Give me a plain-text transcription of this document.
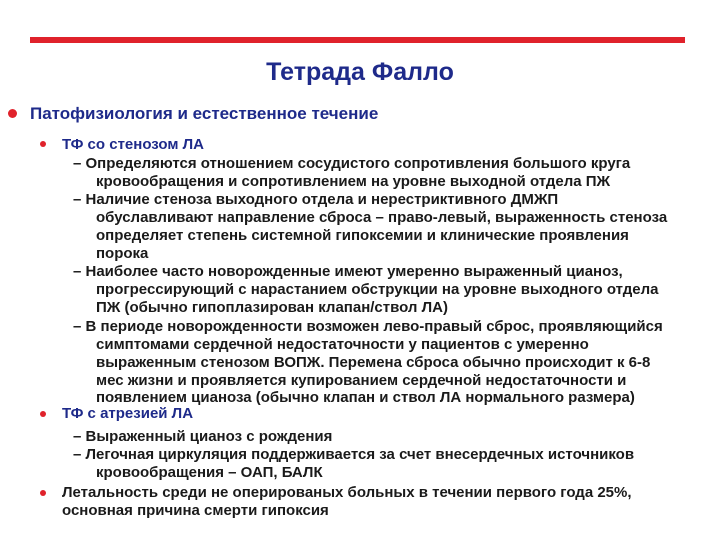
Тетрада Фалло
Патофизиология и естественное течение
ТФ со стенозом ЛА
– Определяются отношением сосудистого сопротивления большого круга
кровообращения и сопротивлением на уровне выходной отдела ПЖ
– Наличие стеноза выходного отдела и нерестриктивного ДМЖП
обуславливают направление сброса – право-левый, выраженность стеноза
определяет степень системной гипоксемии и клинические проявления
порока
– Наиболее часто новорожденные имеют умеренно выраженный цианоз,
прогрессирующий с нарастанием обструкции на уровне выходного отдела
ПЖ (обычно гипоплазирован клапан/ствол ЛА)
– В периоде новорожденности возможен лево-правый сброс, проявляющийся
симптомами сердечной недостаточности у пациентов с умеренно
выраженным стенозом ВОПЖ. Перемена сброса обычно происходит к 6-8
мес жизни и проявляется купированием сердечной недостаточности и
появлением цианоза (обычно клапан и ствол ЛА нормального размера)
ТФ с атрезией ЛА
– Выраженный цианоз с рождения
– Легочная циркуляция поддерживается за счет внесердечных источников
кровообращения – ОАП, БАЛК
Летальность среди не оперированых больных в течении первого года 25%,
основная причина смерти гипоксия
